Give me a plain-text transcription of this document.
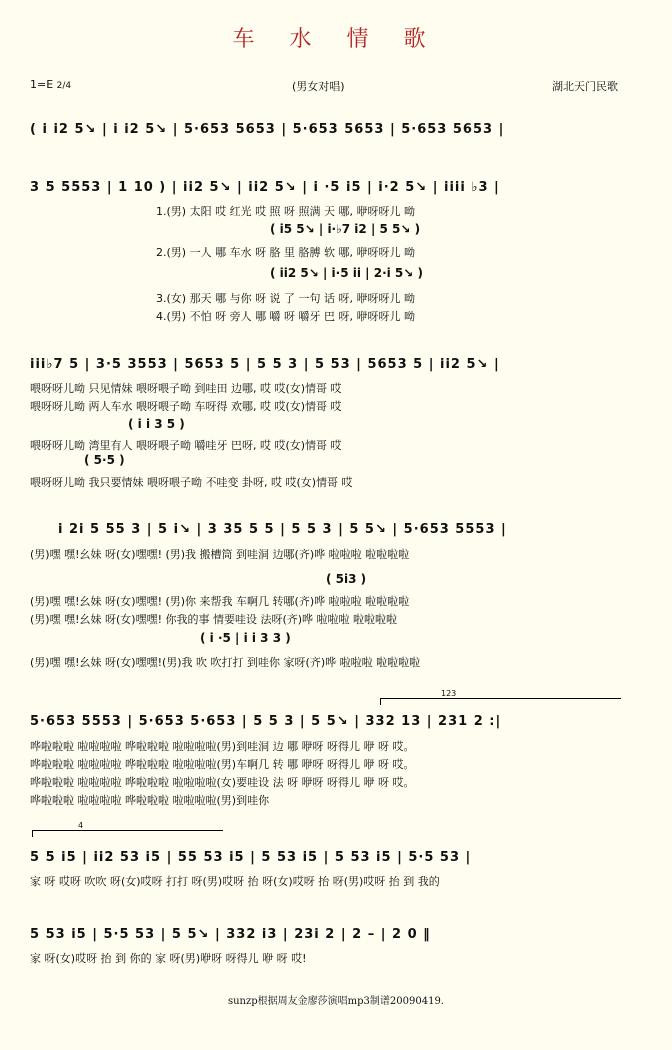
车 水 情 歌
1=E 2/4	(男女对唱)	湖北天门民歌
( i i2 5↘ | i i2 5↘ | 5·653 5653 | 5·653 5653 | 5·653 5653 |
3 5 5553 | 1 10 ) | ii2 5↘ | ii2 5↘ | i ·5 i5 | i·2 5↘ | iiii ♭3 |
1.(男) 太阳 哎 红光 哎 照 呀 照满 天 哪, 咿呀呀儿 呦
( i5 5↘ | i·♭7 i2 | 5 5↘ )
2.(男) 一人 哪 车水 呀 胳 里 胳膊 软 哪, 咿呀呀儿 呦
( ii2 5↘ | i·5 ii | 2·i 5↘ )
3.(女) 那天 哪 与你 呀 说 了 一句 话 呀, 咿呀呀儿 呦
4.(男) 不怕 呀 旁人 哪 嚼 呀 嚼牙 巴 呀, 咿呀呀儿 呦
iii♭7 5 | 3·5 3553 | 5653 5 | 5 5 3 | 5 53 | 5653 5 | ii2 5↘ |
喂呀呀儿呦 只见情妹 喂呀喂子呦 到哇田 边哪, 哎 哎(女)情哥 哎
喂呀呀儿呦 两人车水 喂呀喂子呦 车呀得 欢哪, 哎 哎(女)情哥 哎
( i i 3 5 )
喂呀呀儿呦 湾里有人 喂呀喂子呦 嚼哇牙 巴呀, 哎 哎(女)情哥 哎
( 5·5 )
喂呀呀儿呦 我只要情妹 喂呀喂子呦 不哇变 卦呀, 哎 哎(女)情哥 哎
i 2i 5 55 3 | 5 i↘ | 3 35 5 5 | 5 5 3 | 5 5↘ | 5·653 5553 |
(男)嘿 嘿!幺妹 呀(女)嘿嘿! (男)我 搬槽筒 到哇洞 边哪(齐)哗 啦啦啦 啦啦啦啦
( 5i3 )
(男)嘿 嘿!幺妹 呀(女)嘿嘿! (男)你 来帮我 车啊几 转哪(齐)哗 啦啦啦 啦啦啦啦
(男)嘿 嘿!幺妹 呀(女)嘿嘿! 你我的事 情要哇设 法呀(齐)哗 啦啦啦 啦啦啦啦
( i ·5 | i i 3 3 )
(男)嘿 嘿!幺妹 呀(女)嘿嘿!(男)我 吹 吹打打 到哇你 家呀(齐)哗 啦啦啦 啦啦啦啦
123
5·653 5553 | 5·653 5·653 | 5 5 3 | 5 5↘ | 332 13 | 231 2 :|
哗啦啦啦 啦啦啦啦 哗啦啦啦 啦啦啦啦(男)到哇洞 边 哪 咿呀 呀得儿 咿 呀 哎。
哗啦啦啦 啦啦啦啦 哗啦啦啦 啦啦啦啦(男)车啊几 转 哪 咿呀 呀得儿 咿 呀 哎。
哗啦啦啦 啦啦啦啦 哗啦啦啦 啦啦啦啦(女)要哇设 法 呀 咿呀 呀得儿 咿 呀 哎。
哗啦啦啦 啦啦啦啦 哗啦啦啦 啦啦啦啦(男)到哇你
4
5 5 i5 | ii2 53 i5 | 55 53 i5 | 5 53 i5 | 5 53 i5 | 5·5 53 |
家 呀 哎呀 吹吹 呀(女)哎呀 打打 呀(男)哎呀 抬 呀(女)哎呀 抬 呀(男)哎呀 抬 到 我的
5 53 i5 | 5·5 53 | 5 5↘ | 332 i3 | 23i 2 | 2 – | 2 0 ‖
家 呀(女)哎呀 抬 到 你的 家 呀(男)咿呀 呀得儿 咿 呀 哎!
sunzp根据周友金廖莎演唱mp3制谱20090419.
